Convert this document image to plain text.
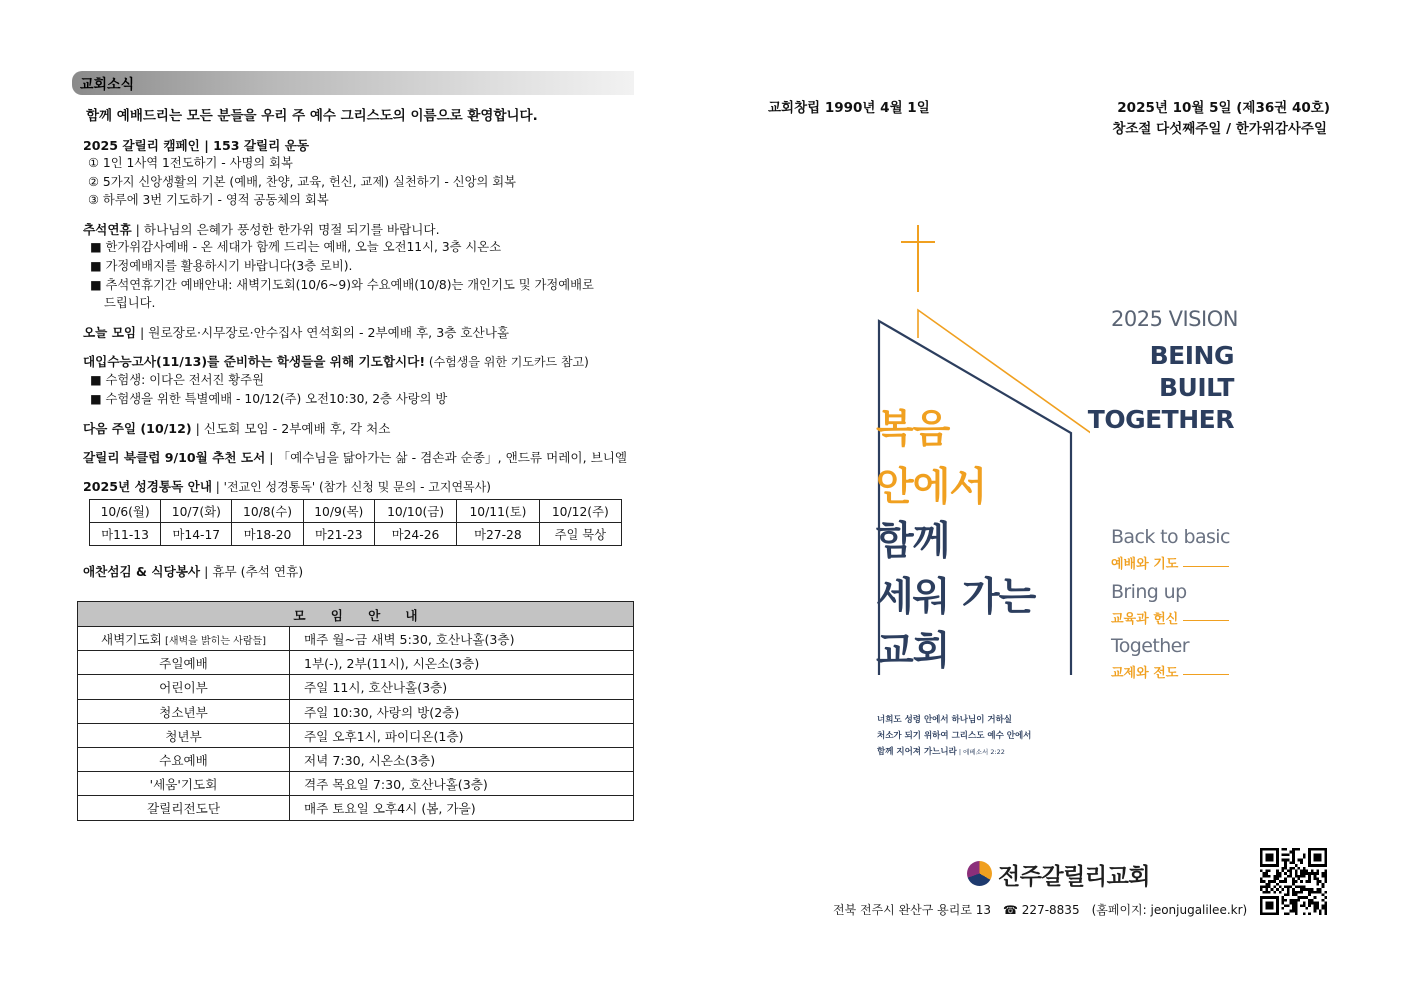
교회소식
함께 예배드리는 모든 분들을 우리 주 예수 그리스도의 이름으로 환영합니다.
2025 갈릴리 캠페인 | 153 갈릴리 운동
① 1인 1사역 1전도하기 - 사명의 회복
② 5가지 신앙생활의 기본 (예배, 찬양, 교육, 헌신, 교제) 실천하기 - 신앙의 회복
③ 하루에 3번 기도하기 - 영적 공동체의 회복
추석연휴 | 하나님의 은혜가 풍성한 한가위 명절 되기를 바랍니다.
■ 한가위감사예배 - 온 세대가 함께 드리는 예배, 오늘 오전11시, 3층 시온소
■ 가정예배지를 활용하시기 바랍니다(3층 로비).
■ 추석연휴기간 예배안내: 새벽기도회(10/6~9)와 수요예배(10/8)는 개인기도 및 가정예배로
드립니다.
오늘 모임 | 원로장로·시무장로·안수집사 연석회의 - 2부예배 후, 3층 호산나홀
대입수능고사(11/13)를 준비하는 학생들을 위해 기도합시다! (수험생을 위한 기도카드 참고)
■ 수험생: 이다은 전서진 황주원
■ 수험생을 위한 특별예배 - 10/12(주) 오전10:30, 2층 사랑의 방
다음 주일 (10/12) | 신도회 모임 - 2부예배 후, 각 처소
갈릴리 북클럽 9/10월 추천 도서 | 「예수님을 닮아가는 삶 - 겸손과 순종」, 앤드류 머레이, 브니엘
2025년 성경통독 안내 | '전교인 성경통독' (참가 신청 및 문의 - 고지연목사)
10/6(월)	10/7(화)	10/8(수)	10/9(목)	10/10(금)	10/11(토)	10/12(주)
마11-13	마14-17	마18-20	마21-23	마24-26	마27-28	주일 묵상
애찬섬김 & 식당봉사 | 휴무 (추석 연휴)
모　　임　　안　　내	
새벽기도회 [새벽을 밝히는 사람들]	매주 월~금 새벽 5:30, 호산나홀(3층)
주일예배	1부(-), 2부(11시), 시온소(3층)
어린이부	주일 11시, 호산나홀(3층)
청소년부	주일 10:30, 사랑의 방(2층)
청년부	주일 오후1시, 파이디온(1층)
수요예배	저녁 7:30, 시온소(3층)
'세움'기도회	격주 목요일 7:30, 호산나홀(3층)
갈릴리전도단	매주 토요일 오후4시 (봄, 가을)
교회창립 1990년 4월 1일	2025년 10월 5일 (제36권 40호)
창조절 다섯째주일 / 한가위감사주일
2025 VISION
BEING BUILT
TOGETHER
복음
안에서
함께
세워 가는
교회
Back to basic
예배와 기도
Bring up
교육과 헌신
Together
교제와 전도
너희도 성령 안에서 하나님이 거하실
처소가 되기 위하여 그리스도 예수 안에서
함께 지어져 가느니라 | 에베소서 2:22
전주갈릴리교회
전북 전주시 완산구 용리로 13　☎ 227-8835　(홈페이지: jeonjugalilee.kr)
